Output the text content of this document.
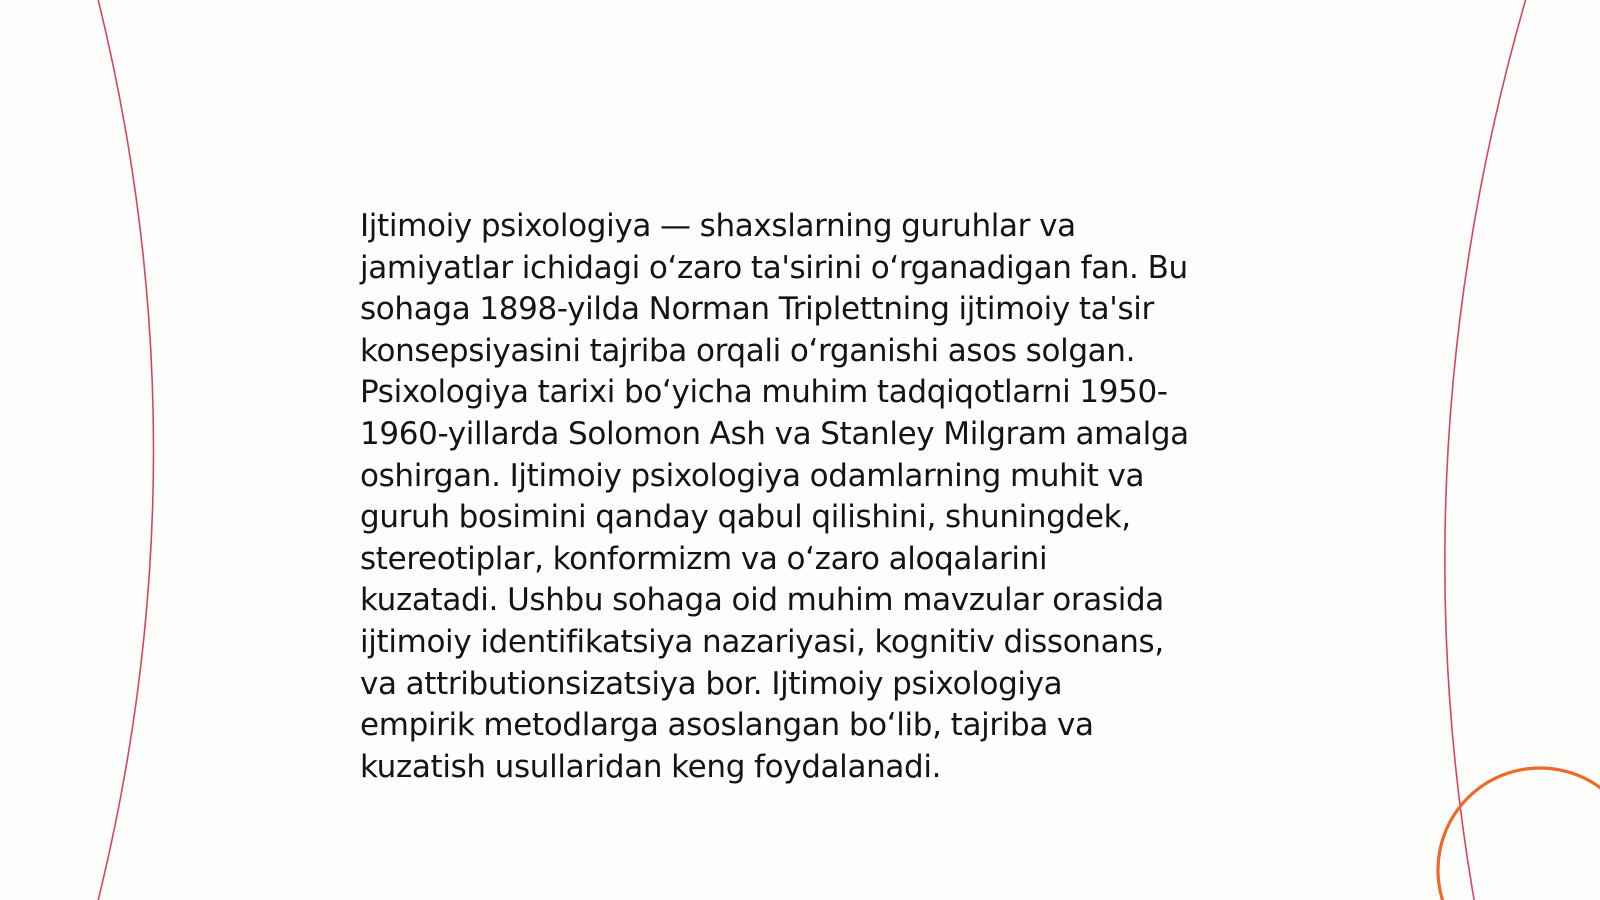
Ijtimoiy psixologiya — shaxslarning guruhlar va
jamiyatlar ichidagi oʻzaro ta'sirini oʻrganadigan fan. Bu
sohaga 1898-yilda Norman Triplettning ijtimoiy ta'sir
konsepsiyasini tajriba orqali oʻrganishi asos solgan.
Psixologiya tarixi boʻyicha muhim tadqiqotlarni 1950-
1960-yillarda Solomon Ash va Stanley Milgram amalga
oshirgan. Ijtimoiy psixologiya odamlarning muhit va
guruh bosimini qanday qabul qilishini, shuningdek,
stereotiplar, konformizm va oʻzaro aloqalarini
kuzatadi. Ushbu sohaga oid muhim mavzular orasida
ijtimoiy identifikatsiya nazariyasi, kognitiv dissonans,
va attributionsizatsiya bor. Ijtimoiy psixologiya
empirik metodlarga asoslangan boʻlib, tajriba va
kuzatish usullaridan keng foydalanadi.
